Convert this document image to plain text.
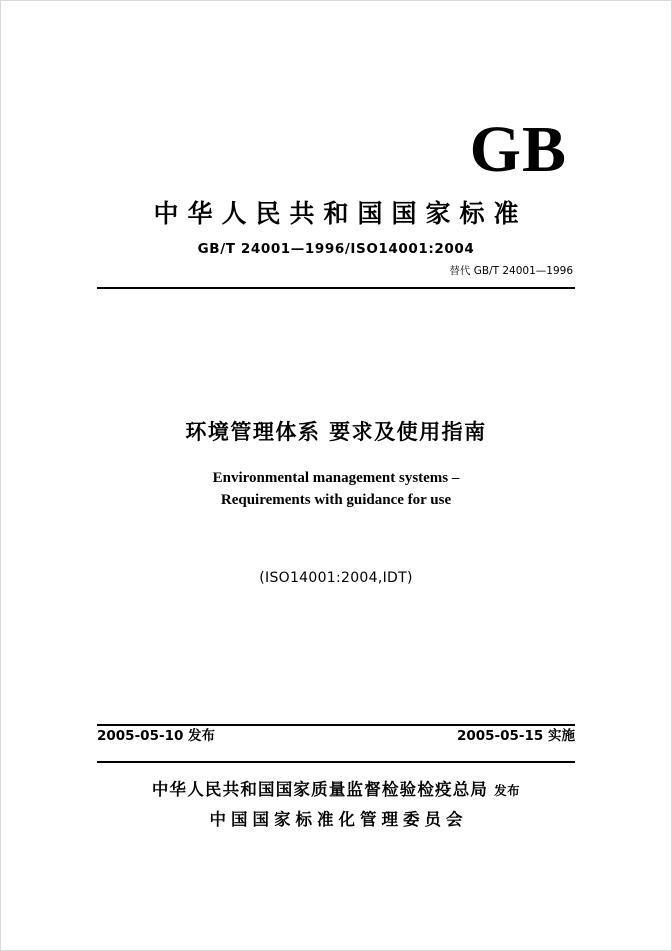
GB
中华人民共和国国家标准
GB/T 24001—1996/ISO14001:2004
替代 GB/T 24001—1996
环境管理体系 要求及使用指南
Environmental management systems –
Requirements with guidance for use
(ISO14001:2004,IDT)
2005-05-10 发布	2005-05-15 实施
中华人民共和国国家质量监督检验检疫总局 发布
中国国家标准化管理委员会
